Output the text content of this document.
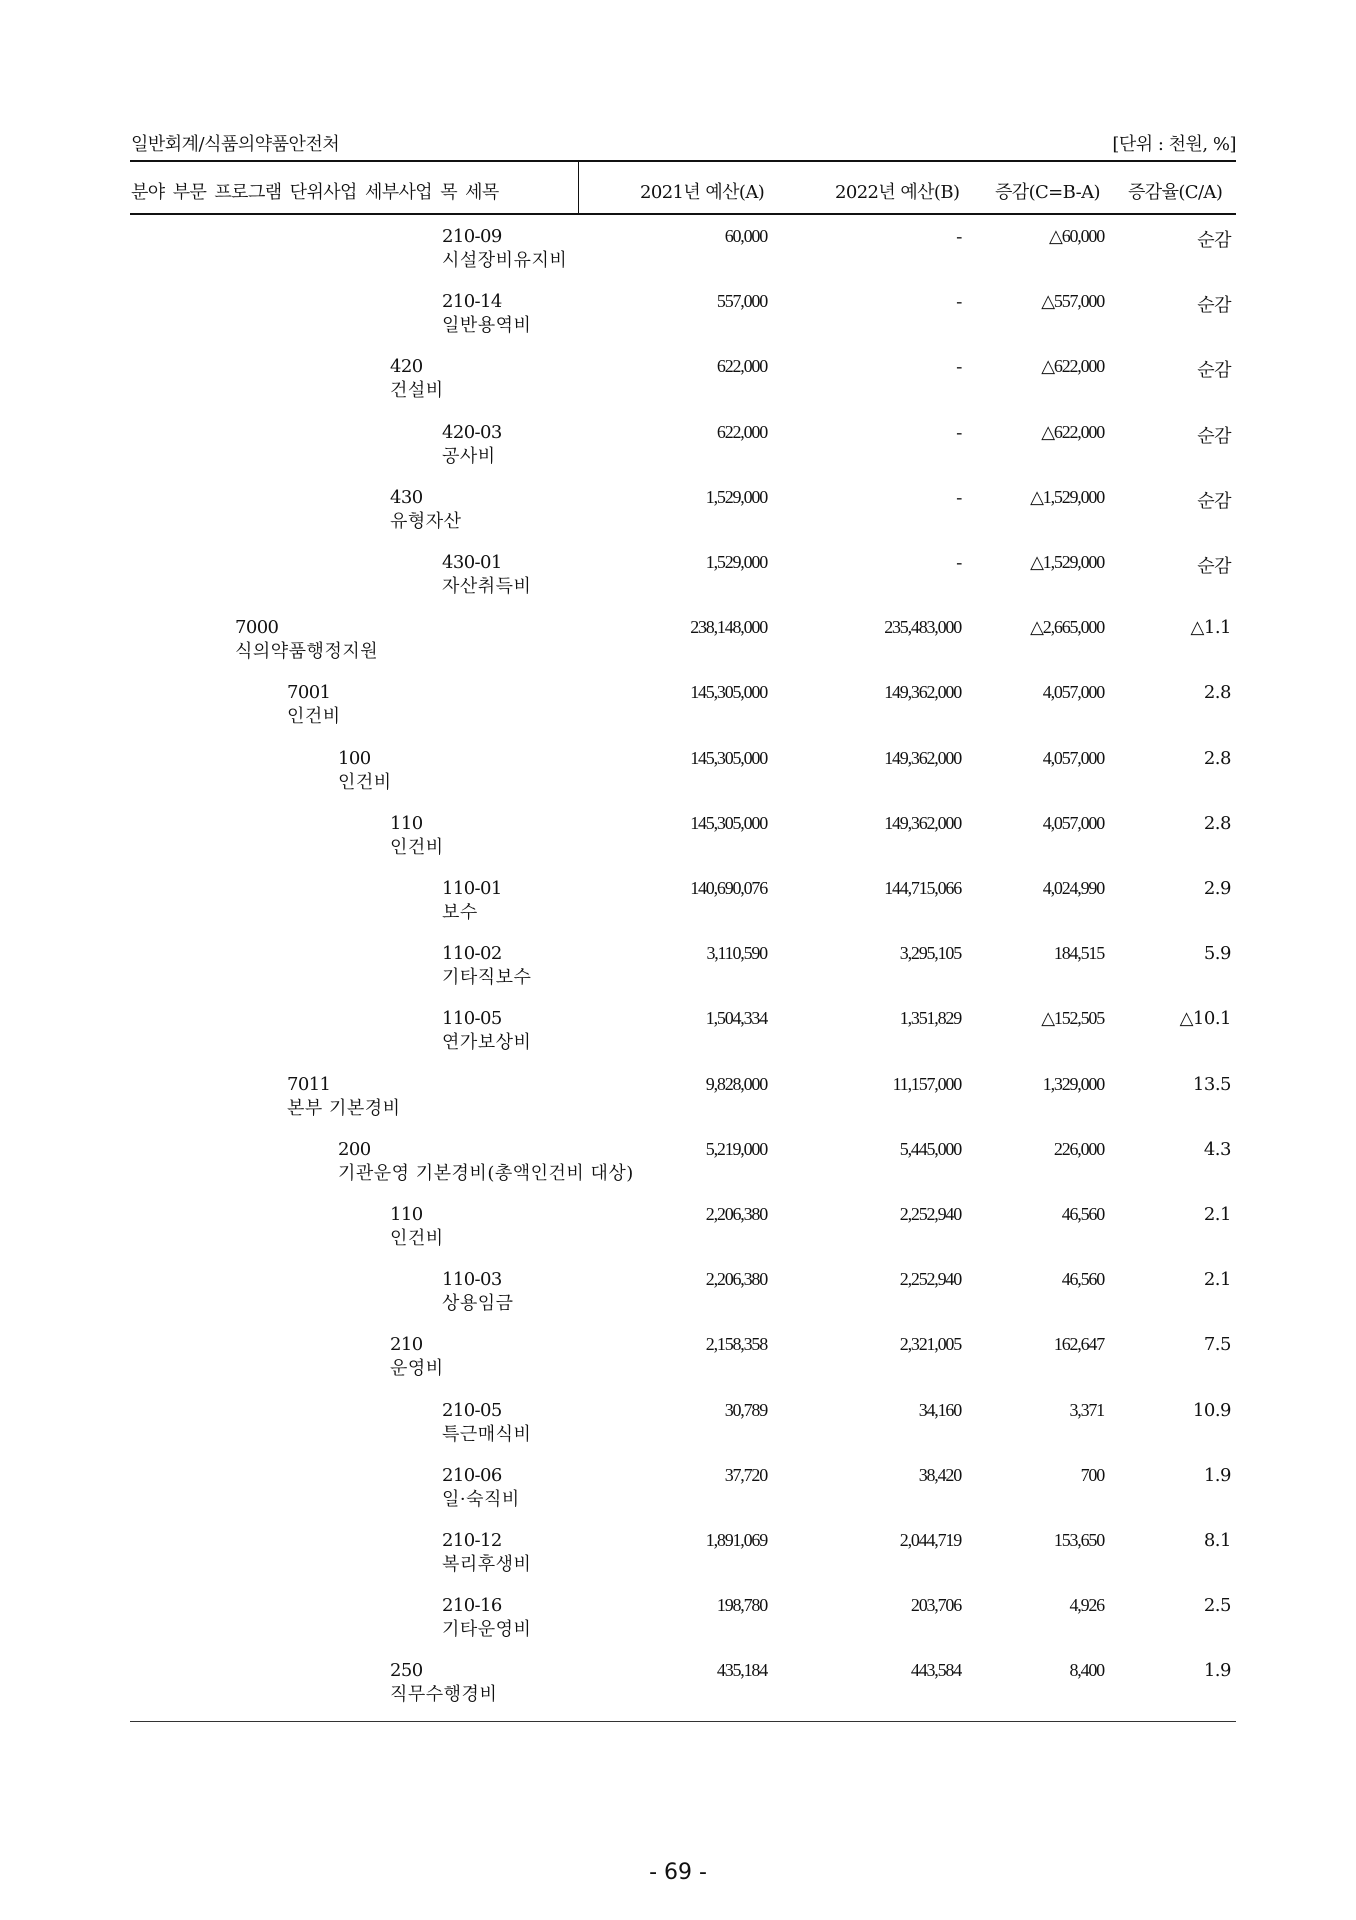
일반회계/식품의약품안전처	[단위 : 천원, %]
분야 부문 프로그램 단위사업 세부사업 목 세목	2021년 예산(A)	2022년 예산(B) 증감(C=B-A) 증감율(C/A)
210-09
시설장비유지비
60,000	-	△60,000	순감
210-14
일반용역비
557,000	-	△557,000	순감
420
건설비
622,000	-	△622,000	순감
420-03
공사비
622,000	-	△622,000	순감
430
유형자산
1,529,000	-	△1,529,000	순감
430-01
자산취득비
1,529,000	-	△1,529,000	순감
7000
식의약품행정지원
238,148,000	235,483,000	△2,665,000	△1.1
7001
인건비
145,305,000	149,362,000	4,057,000	2.8
100
인건비
145,305,000	149,362,000	4,057,000	2.8
110
인건비
145,305,000	149,362,000	4,057,000	2.8
110-01
보수
140,690,076	144,715,066	4,024,990	2.9
110-02
기타직보수
3,110,590	3,295,105	184,515	5.9
110-05
연가보상비
1,504,334	1,351,829	△152,505	△10.1
7011
본부 기본경비
9,828,000	11,157,000	1,329,000	13.5
200
기관운영 기본경비(총액인건비 대상)
5,219,000	5,445,000	226,000	4.3
110
인건비
2,206,380	2,252,940	46,560	2.1
110-03
상용임금
2,206,380	2,252,940	46,560	2.1
210
운영비
2,158,358	2,321,005	162,647	7.5
210-05
특근매식비
30,789	34,160	3,371	10.9
210-06
일·숙직비
37,720	38,420	700	1.9
210-12
복리후생비
1,891,069	2,044,719	153,650	8.1
210-16
기타운영비
198,780	203,706	4,926	2.5
250
직무수행경비
435,184	443,584	8,400	1.9
- 69 -
